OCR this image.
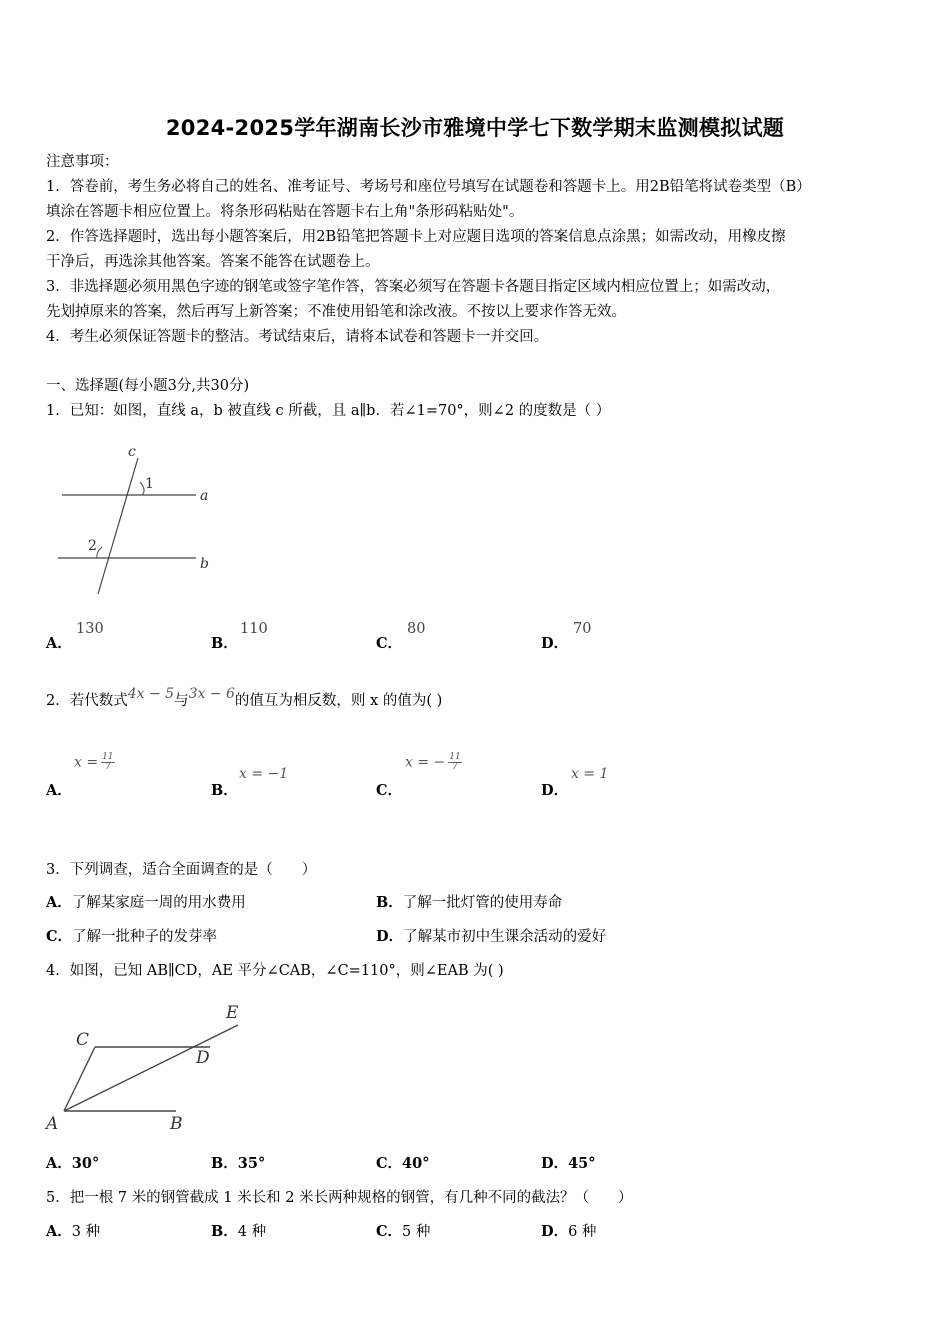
2024-2025学年湖南长沙市雅境中学七下数学期末监测模拟试题
注意事项：
1．答卷前，考生务必将自己的姓名、准考证号、考场号和座位号填写在试题卷和答题卡上。用2B铅笔将试卷类型（B）
填涂在答题卡相应位置上。将条形码粘贴在答题卡右上角"条形码粘贴处"。
2．作答选择题时，选出每小题答案后，用2B铅笔把答题卡上对应题目选项的答案信息点涂黑；如需改动，用橡皮擦
干净后，再选涂其他答案。答案不能答在试题卷上。
3．非选择题必须用黑色字迹的钢笔或签字笔作答，答案必须写在答题卡各题目指定区域内相应位置上；如需改动，
先划掉原来的答案，然后再写上新答案；不准使用铅笔和涂改液。不按以上要求作答无效。
4．考生必须保证答题卡的整洁。考试结束后，请将本试卷和答题卡一并交回。
一、选择题(每小题3分,共30分)
1．已知：如图，直线 a，b 被直线 c 所截，且 a∥b．若∠1=70°，则∠2 的度数是（ ）
c
1
a
2
b
A．
130
B．
110
C．
80
D．
70
2．若代数式4x − 5与3x − 6的值互为相反数，则 x 的值为( )
A．
$x = \frac{11}{7}$
B．
x = −1
C．
x = − $\frac{11}{7}$
D．
x = 1
3．下列调查，适合全面调查的是（　　）
A．了解某家庭一周的用水费用	B．了解一批灯管的使用寿命
C．了解一批种子的发芽率	D．了解某市初中生课余活动的爱好
4．如图，已知 AB∥CD，AE 平分∠CAB，∠C=110°，则∠EAB 为( )
E
C
D
A	B
A．30°	B．35°	C．40°	D．45°
5．把一根 7 米的钢管截成 1 米长和 2 米长两种规格的钢管，有几种不同的截法？（　　）
A．3 种	B．4 种	C．5 种	D．6 种
